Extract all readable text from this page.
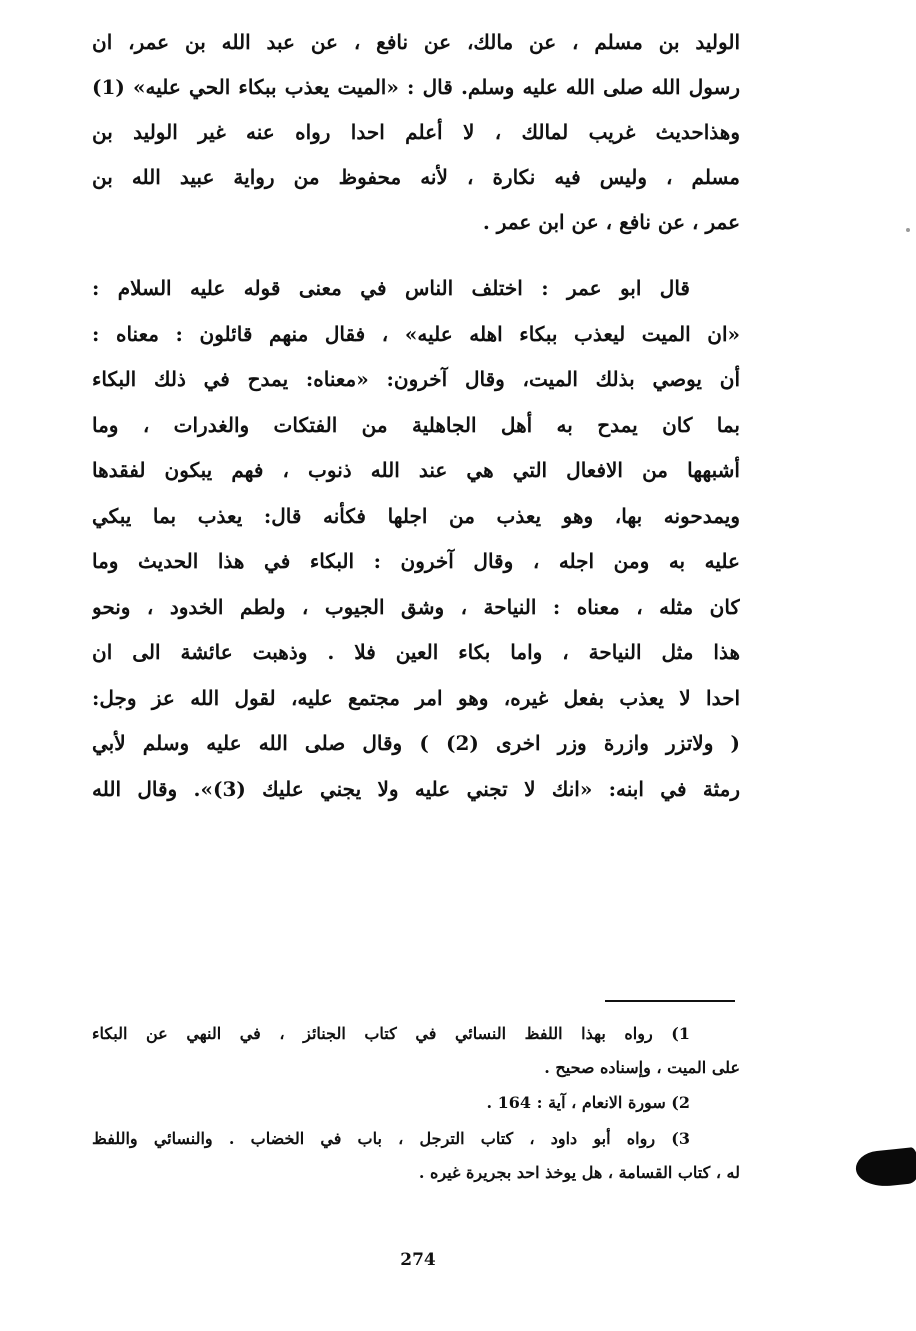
الوليد بن مسلم ، عن مالك، عن نافع ، عن عبد الله بن عمر، ان
رسول الله صلى الله عليه وسلم. قال : «الميت يعذب ببكاء الحي عليه» (1)
وهذاحديث غريب لمالك ، لا أعلم احدا رواه عنه غير الوليد بن
مسلم ، وليس فيه نكارة ، لأنه محفوظ من رواية عبيد الله بن
عمر ، عن نافع ، عن ابن عمر .
قال ابو عمر : اختلف الناس في معنى قوله عليه السلام :
«ان الميت ليعذب ببكاء اهله عليه» ، فقال منهم قائلون : معناه :
أن يوصي بذلك الميت، وقال آخرون: «معناه: يمدح في ذلك البكاء
بما كان يمدح به أهل الجاهلية من الفتكات والغدرات ، وما
أشبهها من الافعال التي هي عند الله ذنوب ، فهم يبكون لفقدها
ويمدحونه بها، وهو يعذب من اجلها فكأنه قال: يعذب بما يبكي
عليه به ومن اجله ، وقال آخرون : البكاء في هذا الحديث وما
كان مثله ، معناه : النياحة ، وشق الجيوب ، ولطم الخدود ، ونحو
هذا مثل النياحة ، واما بكاء العين فلا . وذهبت عائشة الى ان
احدا لا يعذب بفعل غيره، وهو امر مجتمع عليه، لقول الله عز وجل:
( ولاتزر وازرة وزر اخرى (2) ) وقال صلى الله عليه وسلم لأبي
رمثة في ابنه: «انك لا تجني عليه ولا يجني عليك (3)». وقال الله
1) رواه بهذا اللفظ النسائي في كتاب الجنائز ، في النهي عن البكاء
على الميت ، وإسناده صحيح .
2) سورة الانعام ، آية : 164 .
3) رواه أبو داود ، كتاب الترجل ، باب في الخضاب . والنسائي واللفظ
له ، كتاب القسامة ، هل يوخذ احد بجريرة غيره .
274
